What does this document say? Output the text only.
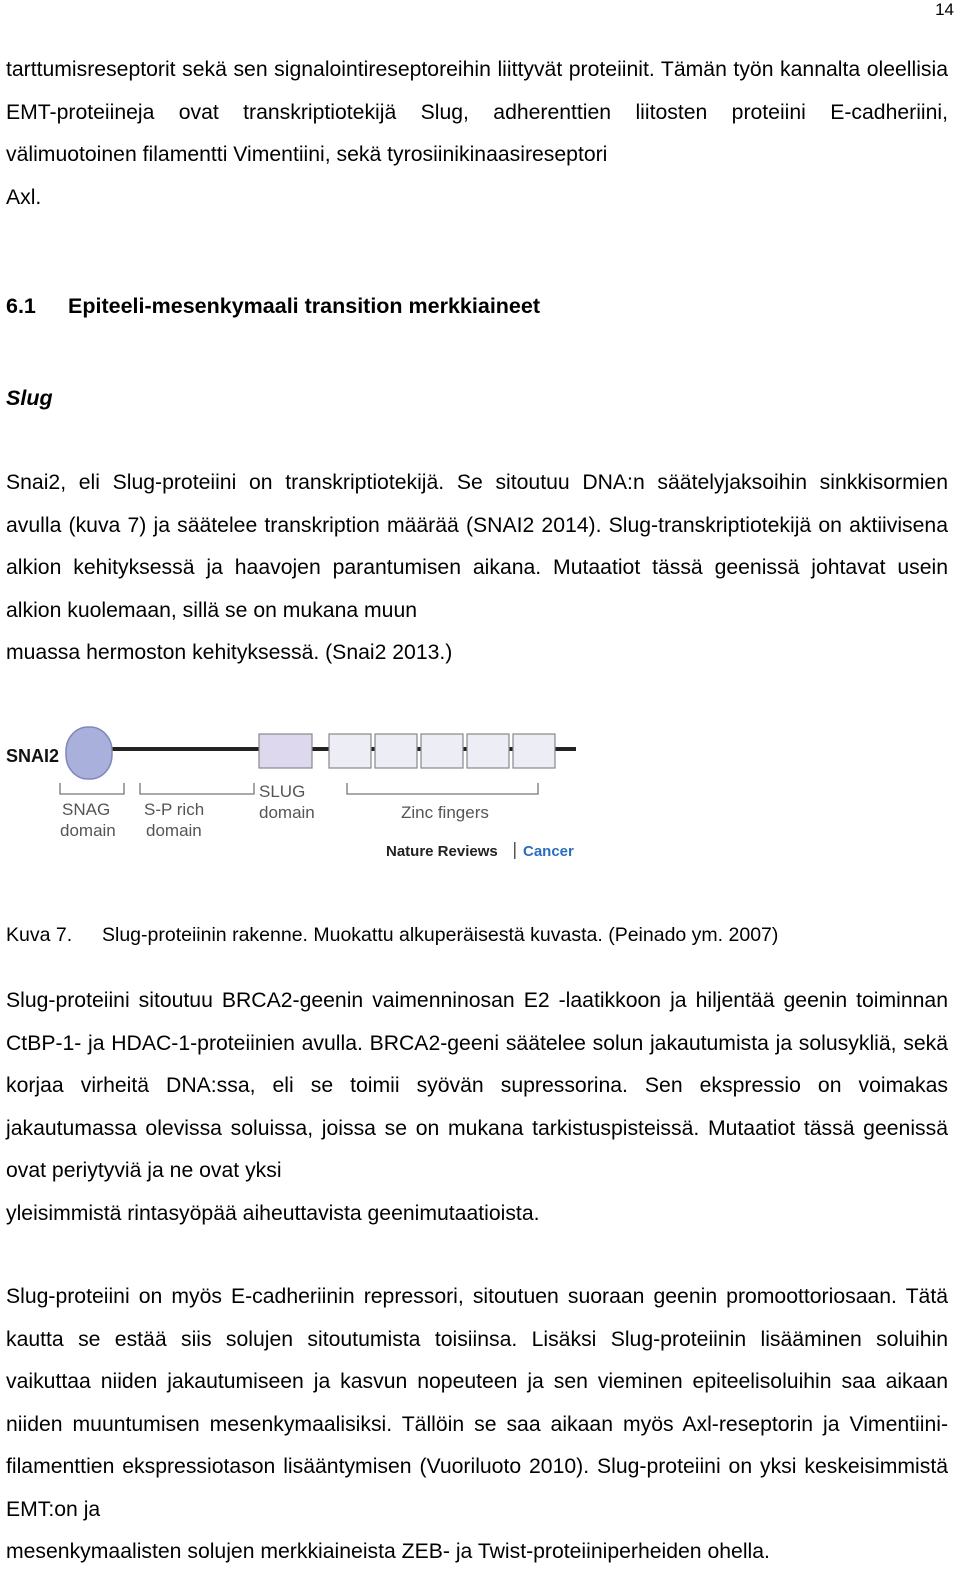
14

tarttumisreseptorit sekä sen signalointireseptoreihin liittyvät proteiinit. Tämän työn kannalta oleellisia EMT-proteiineja ovat transkriptiotekijä Slug, adherenttien liitosten proteiini E-cadheriini, välimuotoinen filamentti Vimentiini, sekä tyrosiinikinaasireseptori

Axl.

6.1 Epiteeli-mesenkymaali transition merkkiaineet
Slug

Snai2, eli Slug-proteiini on transkriptiotekijä. Se sitoutuu DNA:n säätelyjaksoihin sinkkisormien avulla (kuva 7) ja säätelee transkription määrää (SNAI2 2014). Slug-transkriptiotekijä on aktiivisena alkion kehityksessä ja haavojen parantumisen aikana. Mutaatiot tässä geenissä johtavat usein alkion kuolemaan, sillä se on mukana muun

muassa hermoston kehityksessä. (Snai2 2013.)

SNAI2
SNAG
domain
S-P rich
domain
SLUG
domain	Zinc fingers
Nature Reviews Cancer

Kuva 7. Slug-proteiinin rakenne. Muokattu alkuperäisestä kuvasta. (Peinado ym. 2007)

Slug-proteiini sitoutuu BRCA2-geenin vaimenninosan E2 -laatikkoon ja hiljentää geenin toiminnan CtBP-1- ja HDAC-1-proteiinien avulla. BRCA2-geeni säätelee solun jakautumista ja solusykliä, sekä korjaa virheitä DNA:ssa, eli se toimii syövän supressorina. Sen ekspressio on voimakas jakautumassa olevissa soluissa, joissa se on mukana tarkistuspisteissä. Mutaatiot tässä geenissä ovat periytyviä ja ne ovat yksi

yleisimmistä rintasyöpää aiheuttavista geenimutaatioista.

Slug-proteiini on myös E-cadheriinin repressori, sitoutuen suoraan geenin promoottoriosaan. Tätä kautta se estää siis solujen sitoutumista toisiinsa. Lisäksi Slug-proteiinin lisääminen soluihin vaikuttaa niiden jakautumiseen ja kasvun nopeuteen ja sen vieminen epiteelisoluihin saa aikaan niiden muuntumisen mesenkymaalisiksi. Tällöin se saa aikaan myös Axl-reseptorin ja Vimentiini-filamenttien ekspressiotason lisääntymisen (Vuoriluoto 2010). Slug-proteiini on yksi keskeisimmistä EMT:on ja

mesenkymaalisten solujen merkkiaineista ZEB- ja Twist-proteiiniperheiden ohella.
